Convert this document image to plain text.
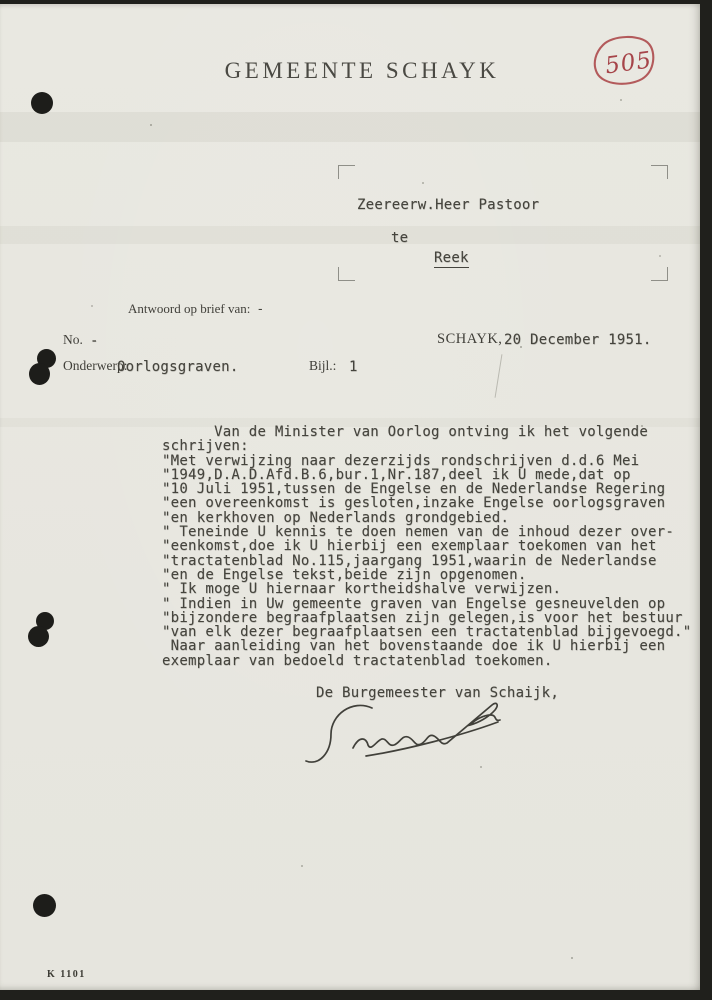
GEMEENTE SCHAYK	505
Zeereerw.Heer Pastoor
te
Reek
Antwoord op brief van: -
No. -	SCHAYK, 20 December 1951.
Onderwerp:
Oorlogsgraven.	Bijl.: 1
Van de Minister van Oorlog ontving ik het volgende
schrijven:
"Met verwijzing naar dezerzijds rondschrijven d.d.6 Mei
"1949,D.A.D.Afd.B.6,bur.1,Nr.187,deel ik U mede,dat op
"10 Juli 1951,tussen de Engelse en de Nederlandse Regering
"een overeenkomst is gesloten,inzake Engelse oorlogsgraven
"en kerkhoven op Nederlands grondgebied.
" Teneinde U kennis te doen nemen van de inhoud dezer over-
"eenkomst,doe ik U hierbij een exemplaar toekomen van het
"tractatenblad No.115,jaargang 1951,waarin de Nederlandse
"en de Engelse tekst,beide zijn opgenomen.
" Ik moge U hiernaar kortheidshalve verwijzen.
" Indien in Uw gemeente graven van Engelse gesneuvelden op
"bijzondere begraafplaatsen zijn gelegen,is voor het bestuur
"van elk dezer begraafplaatsen een tractatenblad bijgevoegd."
Naar aanleiding van het bovenstaande doe ik U hierbij een
exemplaar van bedoeld tractatenblad toekomen.
De Burgemeester van Schaijk,
K 1101
